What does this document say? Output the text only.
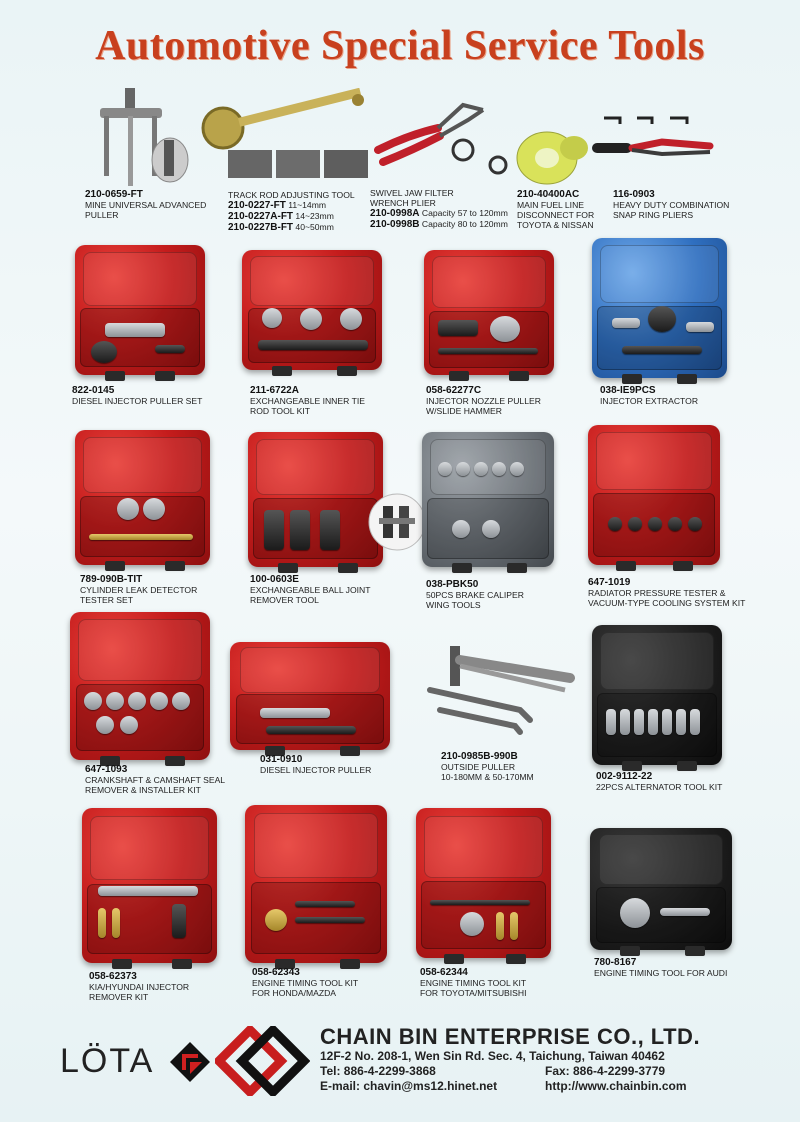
Automotive Special Service Tools
210-0659-FT
MINE UNIVERSAL ADVANCED
PULLER
TRACK ROD ADJUSTING TOOL
210-0227-FT 11~14mm
210-0227A-FT 14~23mm
210-0227B-FT 40~50mm
SWIVEL JAW FILTER
WRENCH PLIER
210-0998A Capacity 57 to 120mm
210-0998B Capacity 80 to 120mm
210-40400AC
MAIN FUEL LINE
DISCONNECT FOR
TOYOTA & NISSAN
116-0903
HEAVY DUTY COMBINATION
SNAP RING PLIERS
822-0145
DIESEL INJECTOR PULLER SET
211-6722A
EXCHANGEABLE INNER TIE
ROD TOOL KIT
058-62277C
INJECTOR NOZZLE PULLER
W/SLIDE HAMMER
038-IE9PCS
INJECTOR EXTRACTOR
789-090B-TIT
CYLINDER LEAK DETECTOR
TESTER SET
100-0603E
EXCHANGEABLE BALL JOINT
REMOVER TOOL
038-PBK50
50PCS BRAKE CALIPER
WING TOOLS
647-1019
RADIATOR PRESSURE TESTER &
VACUUM-TYPE COOLING SYSTEM KIT
647-1093
CRANKSHAFT & CAMSHAFT SEAL
REMOVER & INSTALLER KIT
031-0910
DIESEL INJECTOR PULLER
210-0985B-990B
OUTSIDE PULLER
10-180MM & 50-170MM	002-9112-22
22PCS ALTERNATOR TOOL KIT
058-62373
KIA/HYUNDAI INJECTOR
REMOVER KIT
058-62343
ENGINE TIMING TOOL KIT
FOR HONDA/MAZDA
058-62344
ENGINE TIMING TOOL KIT
FOR TOYOTA/MITSUBISHI
780-8167
ENGINE TIMING TOOL FOR AUDI
LÖTA
CHAIN BIN ENTERPRISE CO., LTD.
12F-2 No. 208-1, Wen Sin Rd. Sec. 4, Taichung, Taiwan 40462
Tel: 886-4-2299-3868	Fax: 886-4-2299-3779
E-mail: chavin@ms12.hinet.net	http://www.chainbin.com
